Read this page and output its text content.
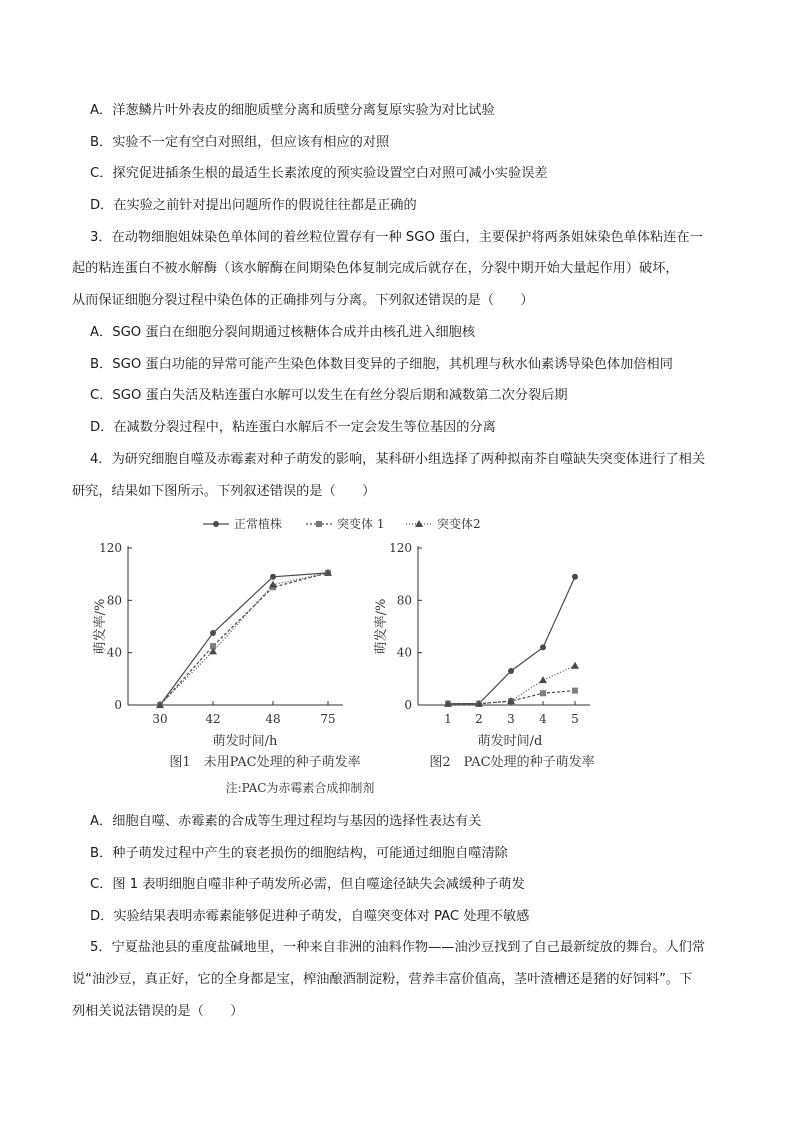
A．洋葱鳞片叶外表皮的细胞质壁分离和质壁分离复原实验为对比试验
B．实验不一定有空白对照组，但应该有相应的对照
C．探究促进插条生根的最适生长素浓度的预实验设置空白对照可减小实验误差
D．在实验之前针对提出问题所作的假说往往都是正确的
3．在动物细胞姐妹染色单体间的着丝粒位置存有一种 SGO 蛋白，主要保护将两条姐妹染色单体粘连在一
起的粘连蛋白不被水解酶（该水解酶在间期染色体复制完成后就存在，分裂中期开始大量起作用）破坏，
从而保证细胞分裂过程中染色体的正确排列与分离。下列叙述错误的是（　　）
A．SGO 蛋白在细胞分裂间期通过核糖体合成并由核孔进入细胞核
B．SGO 蛋白功能的异常可能产生染色体数目变异的子细胞，其机理与秋水仙素诱导染色体加倍相同
C．SGO 蛋白失活及粘连蛋白水解可以发生在有丝分裂后期和减数第二次分裂后期
D．在减数分裂过程中，粘连蛋白水解后不一定会发生等位基因的分离
4．为研究细胞自噬及赤霉素对种子萌发的影响，某科研小组选择了两种拟南芥自噬缺失突变体进行了相关
研究，结果如下图所示。下列叙述错误的是（　　）
正常植株	突变体 1	突变体2
0
40
80
120
30	42	48	75
萌发时间/h
萌发率/%
图1　未用PAC处理的种子萌发率
0
40
80
120
1 2 3 4 5
萌发时间/d
萌发率/%
图2　PAC处理的种子萌发率
注:PAC为赤霉素合成抑制剂
A．细胞自噬、赤霉素的合成等生理过程均与基因的选择性表达有关
B．种子萌发过程中产生的衰老损伤的细胞结构，可能通过细胞自噬清除
C．图 1 表明细胞自噬非种子萌发所必需，但自噬途径缺失会减缓种子萌发
D．实验结果表明赤霉素能够促进种子萌发，自噬突变体对 PAC 处理不敏感
5．宁夏盐池县的重度盐碱地里，一种来自非洲的油料作物——油沙豆找到了自己最新绽放的舞台。人们常
说“油沙豆，真正好，它的全身都是宝，榨油酿酒制淀粉，营养丰富价值高，茎叶渣槽还是猪的好饲料”。下
列相关说法错误的是（　　）
